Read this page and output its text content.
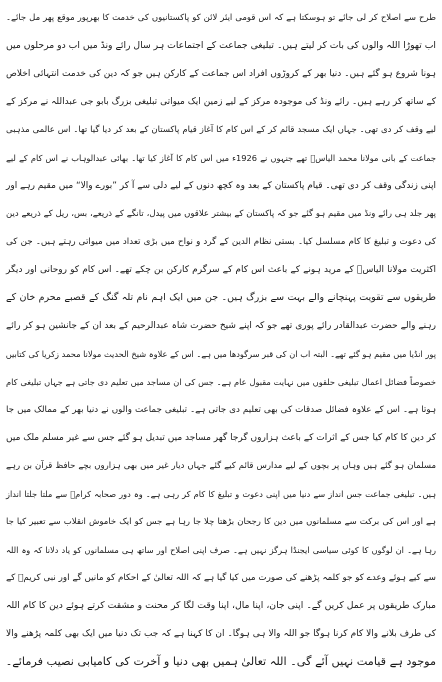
طرح سے اصلاح کر لی جائے تو ہوسکتا ہے کہ اس قومی ایئر لائن کو پاکستانیوں کی خدمت کا بھرپور موقع پھر مل جائے۔
اب تھوڑا اللہ والوں کی بات کر لیتے ہیں۔ تبلیغی جماعت کے اجتماعات ہر سال رائے ونڈ میں اب دو مرحلوں میں
ہونا شروع ہو گئے ہیں۔ دنیا بھر کے کروڑوں افراد اس جماعت کے کارکن ہیں جو کہ دین کی خدمت انتہائی اخلاص
کے ساتھ کر رہے ہیں۔ رائے ونڈ کی موجودہ مرکز کے لیے زمین ایک میواتی تبلیغی بزرگ بابو جی عبداللہ نے مرکز کے
لیے وقف کر دی تھی۔ جہاں ایک مسجد قائم کر کے اس کام کا آغاز قیام پاکستان کے بعد کر دیا گیا تھا۔ اس عالمی مذہبی
جماعت کے بانی مولانا محمد الیاسؒ تھے جنہوں نے 1926ء میں اس کام کا آغاز کیا تھا۔ بھائی عبدالوہاب نے اس کام کے لیے
اپنی زندگی وقف کر دی تھی۔ قیام پاکستان کے بعد وہ کچھ دنوں کے لیے دلی سے آ کر ”بورے والا“ میں مقیم رہے اور
پھر جلد ہی رائے ونڈ میں مقیم ہو گئے جو کہ پاکستان کے بیشتر علاقوں میں پیدل، تانگے کے ذریعے، بس، ریل کے ذریعے دین
کی دعوت و تبلیغ کا کام مسلسل کیا۔ بستی نظام الدین کے گرد و نواح میں بڑی تعداد میں میواتی رہتے ہیں۔ جن کی
اکثریت مولانا الیاسؒ کے مرید ہونے کے باعث اس کام کے سرگرم کارکن بن چکے تھے۔ اس کام کو روحانی اور دیگر
طریقوں سے تقویت پہنچانے والے بہت سے بزرگ ہیں۔ جن میں ایک اہم نام تلہ گنگ کے قصبے محرم خان کے
رہنے والے حضرت عبدالقادر رائے پوری تھے جو کہ اپنے شیخ حضرت شاہ عبدالرحیم کے بعد ان کے جانشین ہو کر رائے
پور انڈیا میں مقیم ہو گئے تھے۔ البتہ اب ان کی قبر سرگودھا میں ہے۔ اس کے علاوہ شیخ الحدیث مولانا محمد زکریا کی کتابیں
خصوصاً فضائل اعمال تبلیغی حلقوں میں نہایت مقبول عام ہے۔ جس کی ان مساجد میں تعلیم دی جاتی ہے جہاں تبلیغی کام
ہوتا ہے۔ اس کے علاوہ فضائل صدقات کی بھی تعلیم دی جاتی ہے۔ تبلیغی جماعت والوں نے دنیا بھر کے ممالک میں جا
کر دین کا کام کیا جس کے اثرات کے باعث ہزاروں گرجا گھر مساجد میں تبدیل ہو گئے جس سے غیر مسلم ملک میں
مسلمان ہو گئے ہیں وہاں پر بچوں کے لیے مدارس قائم کیے گئے جہاں دیار غیر میں بھی ہزاروں بچے حافظ قرآن بن رہے
ہیں۔ تبلیغی جماعت جس انداز سے دنیا میں اپنی دعوت و تبلیغ کا کام کر رہی ہے۔ وہ دور صحابہ کرامؓ سے ملتا جلتا انداز
ہے اور اس کی برکت سے مسلمانوں میں دین کا رجحان بڑھتا چلا جا رہا ہے جس کو ایک خاموش انقلاب سے تعبیر کیا جا
رہا ہے۔ ان لوگوں کا کوئی سیاسی ایجنڈا ہرگز نہیں ہے۔ صرف اپنی اصلاح اور ساتھ ہی مسلمانوں کو یاد دلانا کہ وہ اللہ
سے کیے ہوئے وعدے کو جو کلمہ پڑھنے کی صورت میں کیا گیا ہے کہ اللہ تعالیٰ کے احکام کو مانیں گے اور نبی کریمؐ کے
مبارک طریقوں پر عمل کریں گے۔ اپنی جان، اپنا مال، اپنا وقت لگا کر محنت و مشقت کرتے ہوئے دین کا کام اللہ
کی طرف بلانے والا کام کرنا ہوگا جو اللہ والا ہی ہوگا۔ ان کا کہنا ہے کہ جب تک دنیا میں ایک بھی کلمہ پڑھنے والا
موجود ہے قیامت نہیں آئے گی۔ اللہ تعالیٰ ہمیں بھی دنیا و آخرت کی کامیابی نصیب فرمائے۔
